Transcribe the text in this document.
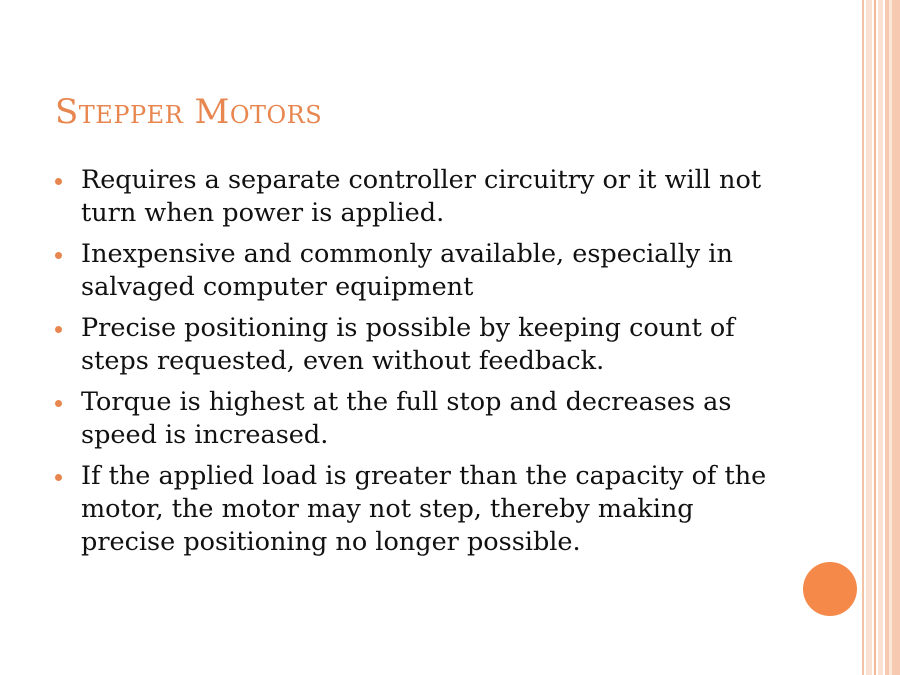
Stepper Motors
Requires a separate controller circuitry or it will not turn when power is applied.
Inexpensive and commonly available, especially in salvaged computer equipment
Precise positioning is possible by keeping count of steps requested, even without feedback.
Torque is highest at the full stop and decreases as speed is increased.
If the applied load is greater than the capacity of the motor, the motor may not step, thereby making precise positioning no longer possible.
